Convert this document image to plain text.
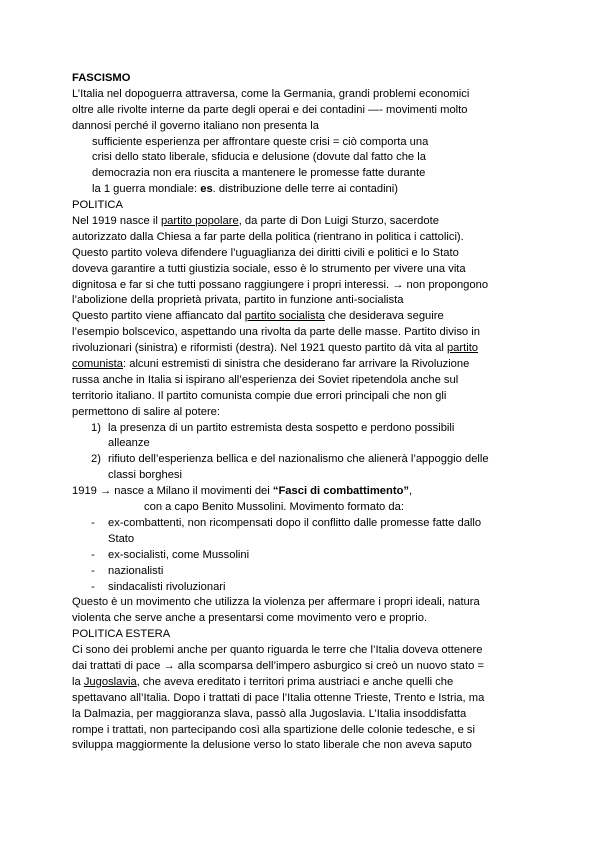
FASCISMO
L’Italia nel dopoguerra attraversa, come la Germania, grandi problemi economici
oltre alle rivolte interne da parte degli operai e dei contadini —- movimenti molto
dannosi perché il governo italiano non presenta la
sufficiente esperienza per affrontare queste crisi = ciò comporta una
crisi dello stato liberale, sfiducia e delusione (dovute dal fatto che la
democrazia non era riuscita a mantenere le promesse fatte durante
la 1 guerra mondiale: es. distribuzione delle terre ai contadini)
POLITICA
Nel 1919 nasce il partito popolare, da parte di Don Luigi Sturzo, sacerdote
autorizzato dalla Chiesa a far parte della politica (rientrano in politica i cattolici).
Questo partito voleva difendere l’uguaglianza dei diritti civili e politici e lo Stato
doveva garantire a tutti giustizia sociale, esso è lo strumento per vivere una vita
dignitosa e far si che tutti possano raggiungere i propri interessi. → non propongono
l’abolizione della proprietà privata, partito in funzione anti-socialista
Questo partito viene affiancato dal partito socialista che desiderava seguire
l’esempio bolscevico, aspettando una rivolta da parte delle masse. Partito diviso in
rivoluzionari (sinistra) e riformisti (destra). Nel 1921 questo partito dà vita al partito
comunista: alcuni estremisti di sinistra che desiderano far arrivare la Rivoluzione
russa anche in Italia si ispirano all’esperienza dei Soviet ripetendola anche sul
territorio italiano. Il partito comunista compie due errori principali che non gli
permettono di salire al potere:
1) la presenza di un partito estremista desta sospetto e perdono possibili
alleanze
2) rifiuto dell’esperienza bellica e del nazionalismo che alienerà l’appoggio delle
classi borghesi
1919 → nasce a Milano il movimenti dei “Fasci di combattimento”,
con a capo Benito Mussolini. Movimento formato da:
- ex-combattenti, non ricompensati dopo il conflitto dalle promesse fatte dallo
Stato
- ex-socialisti, come Mussolini
- nazionalisti
- sindacalisti rivoluzionari
Questo è un movimento che utilizza la violenza per affermare i propri ideali, natura
violenta che serve anche a presentarsi come movimento vero e proprio.
POLITICA ESTERA
Ci sono dei problemi anche per quanto riguarda le terre che l’Italia doveva ottenere
dai trattati di pace → alla scomparsa dell’impero asburgico si creò un nuovo stato =
la Jugoslavia, che aveva ereditato i territori prima austriaci e anche quelli che
spettavano all’Italia. Dopo i trattati di pace l’Italia ottenne Trieste, Trento e Istria, ma
la Dalmazia, per maggioranza slava, passò alla Jugoslavia. L’Italia insoddisfatta
rompe i trattati, non partecipando così alla spartizione delle colonie tedesche, e si
sviluppa maggiormente la delusione verso lo stato liberale che non aveva saputo
